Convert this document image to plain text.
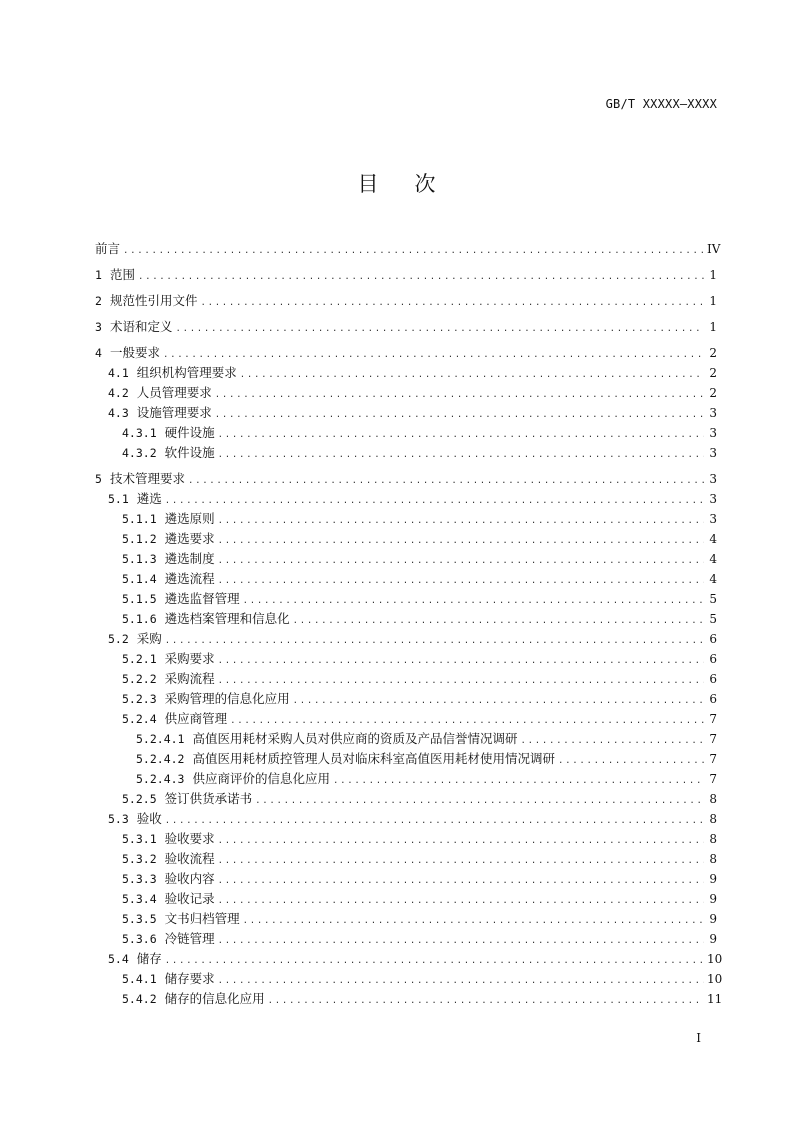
GB/T XXXXX—XXXX
目 次
前言 .....	IV
1 范围 .....	1
2 规范性引用文件 .....	1
3 术语和定义 .....	1
4 一般要求 .....	2
4.1 组织机构管理要求 .....	2
4.2 人员管理要求 .....	2
4.3 设施管理要求 .....	3
4.3.1 硬件设施 .....	3
4.3.2 软件设施 .....	3
5 技术管理要求 .....	3
5.1 遴选 .....	3
5.1.1 遴选原则 .....	3
5.1.2 遴选要求 .....	4
5.1.3 遴选制度 .....	4
5.1.4 遴选流程 .....	4
5.1.5 遴选监督管理 .....	5
5.1.6 遴选档案管理和信息化 .....	5
5.2 采购 .....	6
5.2.1 采购要求 .....	6
5.2.2 采购流程 .....	6
5.2.3 采购管理的信息化应用 .....	6
5.2.4 供应商管理 .....	7
5.2.4.1 高值医用耗材采购人员对供应商的资质及产品信誉情况调研 .....	7
5.2.4.2 高值医用耗材质控管理人员对临床科室高值医用耗材使用情况调研 .....	7
5.2.4.3 供应商评价的信息化应用 .....	7
5.2.5 签订供货承诺书 .....	8
5.3 验收 .....	8
5.3.1 验收要求 .....	8
5.3.2 验收流程 .....	8
5.3.3 验收内容 .....	9
5.3.4 验收记录 .....	9
5.3.5 文书归档管理 .....	9
5.3.6 冷链管理 .....	9
5.4 储存 .....	10
5.4.1 储存要求 .....	10
5.4.2 储存的信息化应用 .....	11
I
